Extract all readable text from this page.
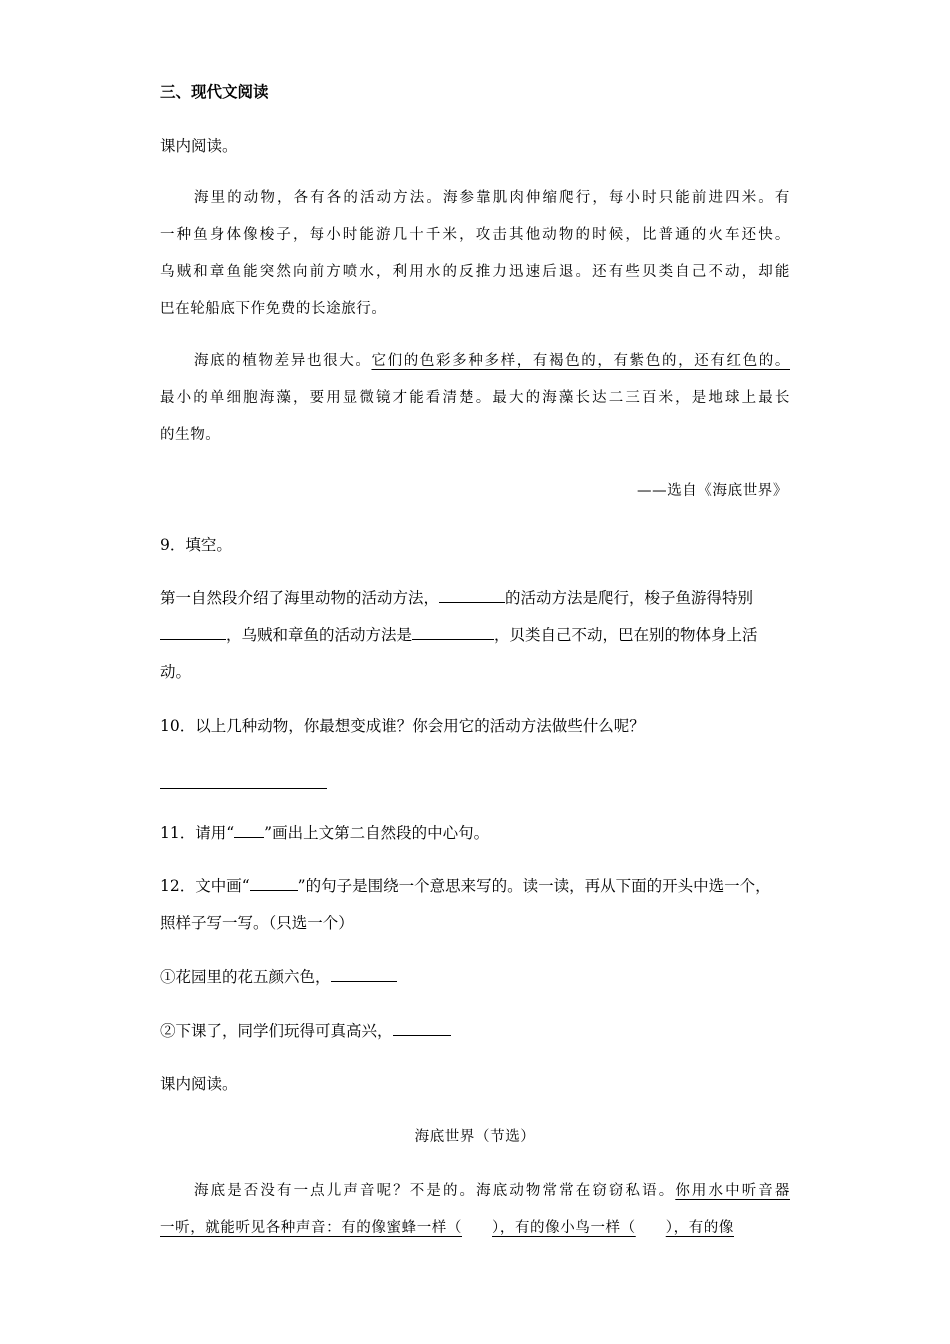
三、现代文阅读
课内阅读。
海里的动物，各有各的活动方法。海参靠肌肉伸缩爬行，每小时只能前进四米。有
一种鱼身体像梭子，每小时能游几十千米，攻击其他动物的时候，比普通的火车还快。
乌贼和章鱼能突然向前方喷水，利用水的反推力迅速后退。还有些贝类自己不动，却能
巴在轮船底下作免费的长途旅行。
海底的植物差异也很大。它们的色彩多种多样，有褐色的，有紫色的，还有红色的。
最小的单细胞海藻，要用显微镜才能看清楚。最大的海藻长达二三百米，是地球上最长
的生物。
——选自《海底世界》
9．填空。
第一自然段介绍了海里动物的活动方法，	的活动方法是爬行，梭子鱼游得特别
，乌贼和章鱼的活动方法是	，贝类自己不动，巴在别的物体身上活
动。
10．以上几种动物，你最想变成谁？你会用它的活动方法做些什么呢？
11．请用“ ”画出上文第二自然段的中心句。
12．文中画“	”的句子是围绕一个意思来写的。读一读，再从下面的开头中选一个，
照样子写一写。（只选一个）
①花园里的花五颜六色，
②下课了，同学们玩得可真高兴，
课内阅读。
海底世界（节选）
海底是否没有一点儿声音呢？不是的。海底动物常常在窃窃私语。你用水中听音器
一听，就能听见各种声音：有的像蜜蜂一样（ ），有的像小鸟一样（ ），有的像
